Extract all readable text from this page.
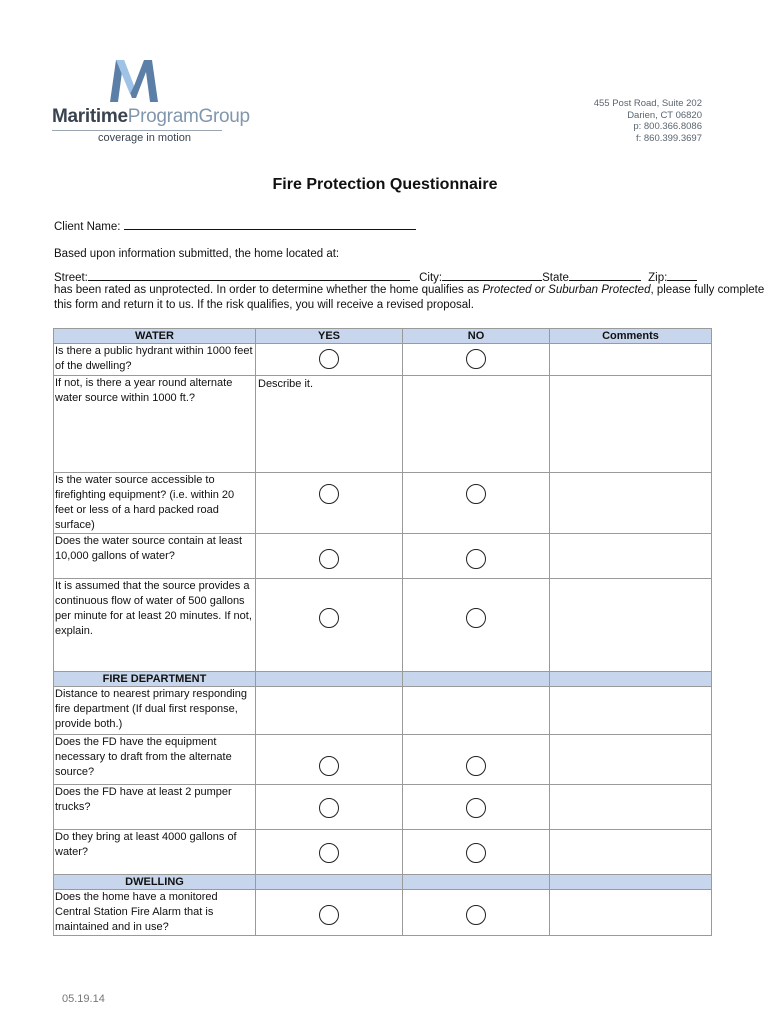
MaritimeProgramGroup
coverage in motion
455 Post Road, Suite 202
Darien, CT 06820
p: 800.366.8086
f: 860.399.3697
Fire Protection Questionnaire
Client Name:
Based upon information submitted, the home located at:
Street:	City:	State	Zip:
has been rated as unprotected. In order to determine whether the home qualifies as Protected or Suburban Protected, please fully complete
this form and return it to us. If the risk qualifies, you will receive a revised proposal.
WATER	YES	NO	Comments
Is there a public hydrant within 1000 feet of the dwelling?			
If not, is there a year round alternate water source within 1000 ft.?	Describe it.		
Is the water source accessible to firefighting equipment? (i.e. within 20 feet or less of a hard packed road surface)			
Does the water source contain at least 10,000 gallons of water?			
It is assumed that the source provides a continuous flow of water of 500 gallons per minute for at least 20 minutes. If not, explain.			
FIRE DEPARTMENT			
Distance to nearest primary responding fire department (If dual first response, provide both.)			
Does the FD have the equipment necessary to draft from the alternate source?			
Does the FD have at least 2 pumper trucks?			
Do they bring at least 4000 gallons of water?			
DWELLING			
Does the home have a monitored Central Station Fire Alarm that is maintained and in use?			
05.19.14
